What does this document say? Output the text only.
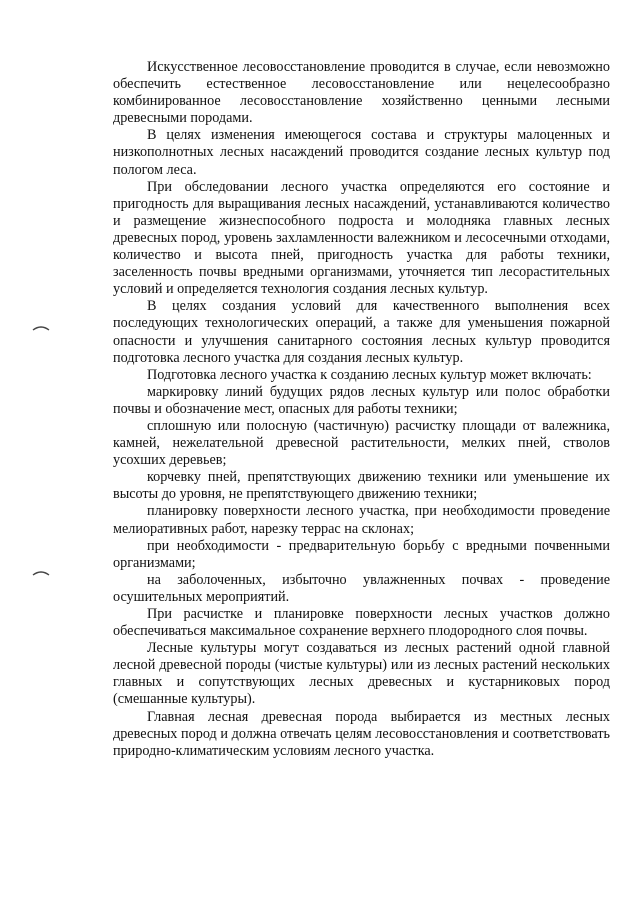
Искусственное лесовосстановление проводится в случае, если невозможно обеспечить естественное лесовосстановление или нецелесообразно комбинированное лесовосстановление хозяйственно ценными лесными древесными породами.

В целях изменения имеющегося состава и структуры малоценных и низкополнотных лесных насаждений проводится создание лесных культур под пологом леса.

При обследовании лесного участка определяются его состояние и пригодность для выращивания лесных насаждений, устанавливаются количество и размещение жизнеспособного подроста и молодняка главных лесных древесных пород, уровень захламленности валежником и лесосечными отходами, количество и высота пней, пригодность участка для работы техники, заселенность почвы вредными организмами, уточняется тип лесорастительных условий и определяется технология создания лесных культур.

В целях создания условий для качественного выполнения всех последующих технологических операций, а также для уменьшения пожарной опасности и улучшения санитарного состояния лесных культур проводится подготовка лесного участка для создания лесных культур.

Подготовка лесного участка к созданию лесных культур может включать:

маркировку линий будущих рядов лесных культур или полос обработки почвы и обозначение мест, опасных для работы техники;

сплошную или полосную (частичную) расчистку площади от валежника, камней, нежелательной древесной растительности, мелких пней, стволов усохших деревьев;

корчевку пней, препятствующих движению техники или уменьшение их высоты до уровня, не препятствующего движению техники;

планировку поверхности лесного участка, при необходимости проведение мелиоративных работ, нарезку террас на склонах;

при необходимости - предварительную борьбу с вредными почвенными организмами;

на заболоченных, избыточно увлажненных почвах - проведение осушительных мероприятий.

При расчистке и планировке поверхности лесных участков должно обеспечиваться максимальное сохранение верхнего плодородного слоя почвы.

Лесные культуры могут создаваться из лесных растений одной главной лесной древесной породы (чистые культуры) или из лесных растений нескольких главных и сопутствующих лесных древесных и кустарниковых пород (смешанные культуры).

Главная лесная древесная порода выбирается из местных лесных древесных пород и должна отвечать целям лесовосстановления и соответствовать природно-климатическим условиям лесного участка.
